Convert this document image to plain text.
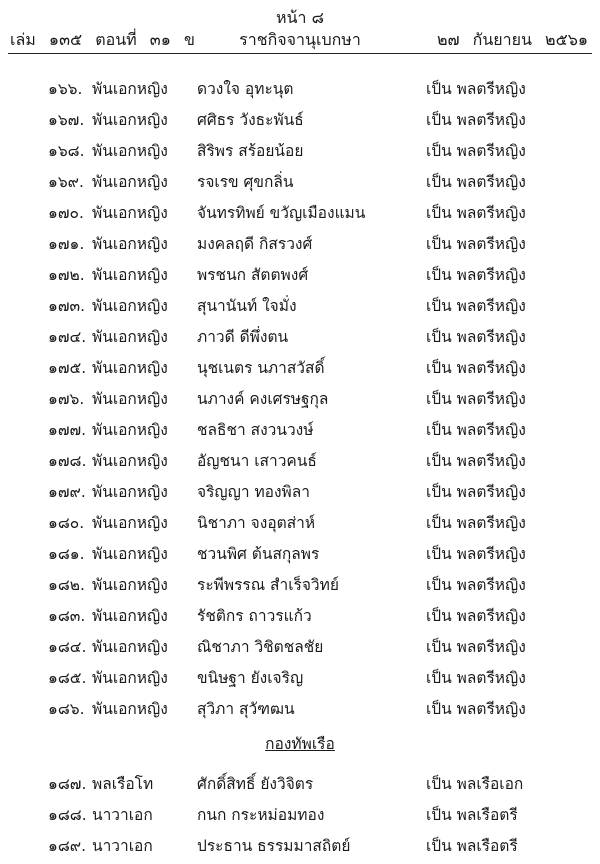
หน้า ๘
เล่ม ๑๓๕ ตอนที่ ๓๑ ข	ราชกิจจานุเบกษา	๒๗ กันยายน ๒๕๖๑
๑๖๖. พันเอกหญิง ดวงใจ อุทะนุต	เป็น พลตรีหญิง
๑๖๗. พันเอกหญิง ศศิธร วังธะพันธ์	เป็น พลตรีหญิง
๑๖๘. พันเอกหญิง สิริพร สร้อยน้อย	เป็น พลตรีหญิง
๑๖๙. พันเอกหญิง รจเรข ศุขกลิ่น	เป็น พลตรีหญิง
๑๗๐. พันเอกหญิง จันทรทิพย์ ขวัญเมืองแมน	เป็น พลตรีหญิง
๑๗๑. พันเอกหญิง มงคลฤดี กิสรวงศ์	เป็น พลตรีหญิง
๑๗๒. พันเอกหญิง พรชนก สัตตพงศ์	เป็น พลตรีหญิง
๑๗๓. พันเอกหญิง สุนานันท์ ใจมั่ง	เป็น พลตรีหญิง
๑๗๔. พันเอกหญิง ภาวดี ดีพึ่งตน	เป็น พลตรีหญิง
๑๗๕. พันเอกหญิง นุชเนตร นภาสวัสดิ์	เป็น พลตรีหญิง
๑๗๖. พันเอกหญิง นภางค์ คงเศรษฐกุล	เป็น พลตรีหญิง
๑๗๗. พันเอกหญิง ชลธิชา สงวนวงษ์	เป็น พลตรีหญิง
๑๗๘. พันเอกหญิง อัญชนา เสาวคนธ์	เป็น พลตรีหญิง
๑๗๙. พันเอกหญิง จริญญา ทองพิลา	เป็น พลตรีหญิง
๑๘๐. พันเอกหญิง นิชาภา จงอุตส่าห์	เป็น พลตรีหญิง
๑๘๑. พันเอกหญิง ชวนพิศ ต้นสกุลพร	เป็น พลตรีหญิง
๑๘๒. พันเอกหญิง ระพีพรรณ สำเร็จวิทย์	เป็น พลตรีหญิง
๑๘๓. พันเอกหญิง รัชติกร ถาวรแก้ว	เป็น พลตรีหญิง
๑๘๔. พันเอกหญิง ณิชาภา วิชิตชลชัย	เป็น พลตรีหญิง
๑๘๕. พันเอกหญิง ขนิษฐา ยังเจริญ	เป็น พลตรีหญิง
๑๘๖. พันเอกหญิง สุวิภา สุวัฑฒน	เป็น พลตรีหญิง
กองทัพเรือ
๑๘๗. พลเรือโท	ศักดิ์สิทธิ์ ยังวิจิตร	เป็น พลเรือเอก
๑๘๘. นาวาเอก	กนก กระหม่อมทอง	เป็น พลเรือตรี
๑๘๙. นาวาเอก	ประธาน ธรรมมาสถิตย์	เป็น พลเรือตรี
